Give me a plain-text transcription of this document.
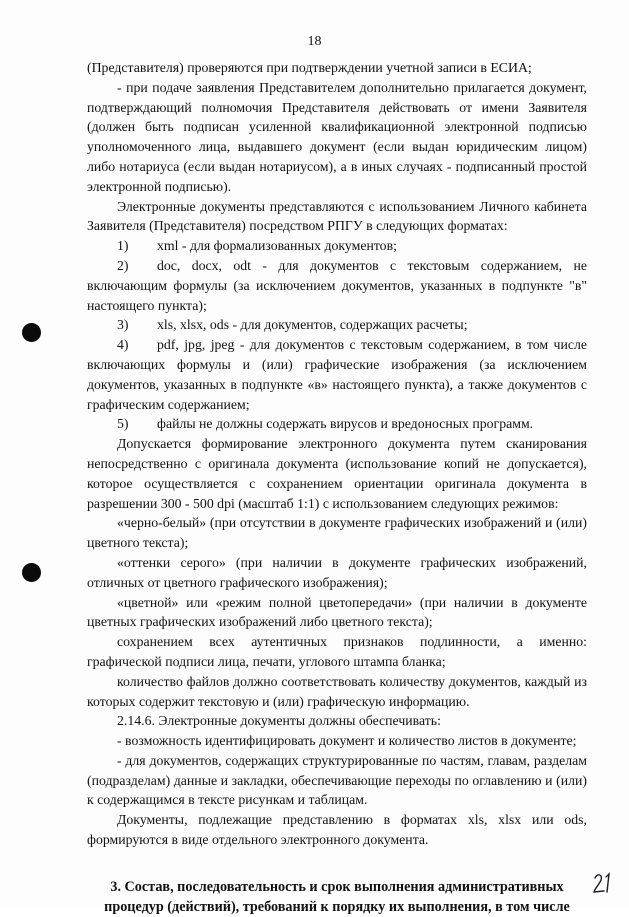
18

(Представителя) проверяются при подтверждении учетной записи в ЕСИА;

- при подаче заявления Представителем дополнительно прилагается документ, подтверждающий полномочия Представителя действовать от имени Заявителя (должен быть подписан усиленной квалификационной электронной подписью уполномоченного лица, выдавшего документ (если выдан юридическим лицом) либо нотариуса (если выдан нотариусом), а в иных случаях - подписанный простой электронной подписью).

Электронные документы представляются с использованием Личного кабинета Заявителя (Представителя) посредством РПГУ в следующих форматах:

1) xml - для формализованных документов;

2) doc, docx, odt - для документов с текстовым содержанием, не включающим формулы (за исключением документов, указанных в подпункте "в" настоящего пункта);

3) xls, xlsx, ods - для документов, содержащих расчеты;

4) pdf, jpg, jpeg - для документов с текстовым содержанием, в том числе включающих формулы и (или) графические изображения (за исключением документов, указанных в подпункте «в» настоящего пункта), а также документов с графическим содержанием;

5) файлы не должны содержать вирусов и вредоносных программ.

Допускается формирование электронного документа путем сканирования непосредственно с оригинала документа (использование копий не допускается), которое осуществляется с сохранением ориентации оригинала документа в разрешении 300 - 500 dpi (масштаб 1:1) с использованием следующих режимов:

«черно-белый» (при отсутствии в документе графических изображений и (или) цветного текста);

«оттенки серого» (при наличии в документе графических изображений, отличных от цветного графического изображения);

«цветной» или «режим полной цветопередачи» (при наличии в документе цветных графических изображений либо цветного текста);

сохранением всех аутентичных признаков подлинности, а именно: графической подписи лица, печати, углового штампа бланка;

количество файлов должно соответствовать количеству документов, каждый из которых содержит текстовую и (или) графическую информацию.

2.14.6. Электронные документы должны обеспечивать:

- возможность идентифицировать документ и количество листов в документе;

- для документов, содержащих структурированные по частям, главам, разделам (подразделам) данные и закладки, обеспечивающие переходы по оглавлению и (или) к содержащимся в тексте рисункам и таблицам.

Документы, подлежащие представлению в форматах xls, xlsx или ods, формируются в виде отдельного электронного документа.

3. Состав, последовательность и срок выполнения административных процедур (действий), требований к порядку их выполнения, в том числе
